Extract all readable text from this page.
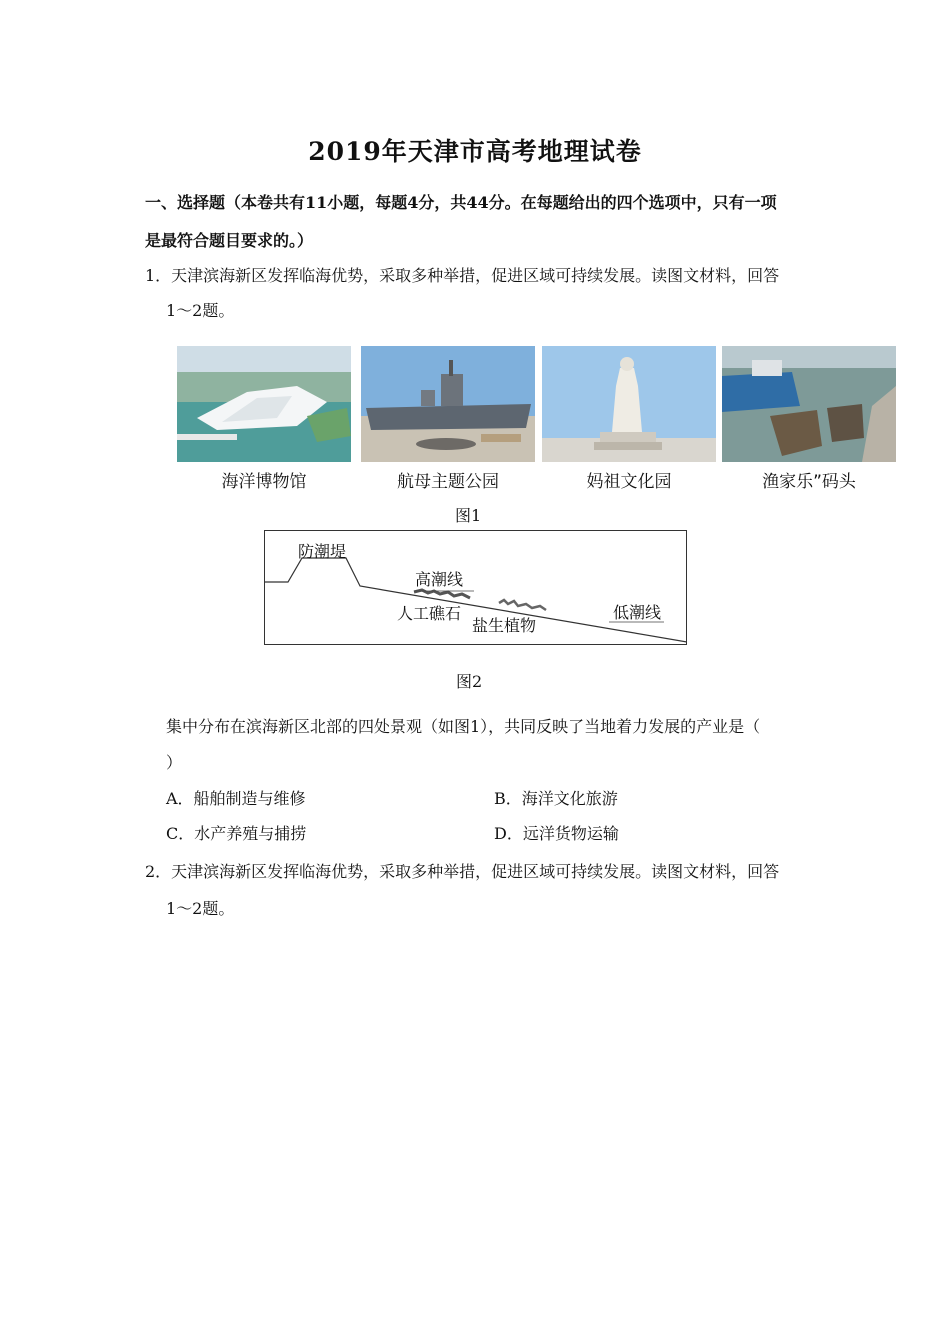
2019年天津市高考地理试卷
一、选择题（本卷共有11小题，每题4分，共44分。在每题给出的四个选项中，只有一项
是最符合题目要求的。）
1．天津滨海新区发挥临海优势，采取多种举措，促进区域可持续发展。读图文材料，回答
1～2题。
海洋博物馆	航母主题公园	妈祖文化园	渔家乐”码头
图1
防潮堤
高潮线
人工礁石
盐生植物
低潮线
图2
集中分布在滨海新区北部的四处景观（如图1），共同反映了当地着力发展的产业是（
）
A．船舶制造与维修	B．海洋文化旅游
C．水产养殖与捕捞	D．远洋货物运输
2．天津滨海新区发挥临海优势，采取多种举措，促进区域可持续发展。读图文材料，回答
1～2题。
